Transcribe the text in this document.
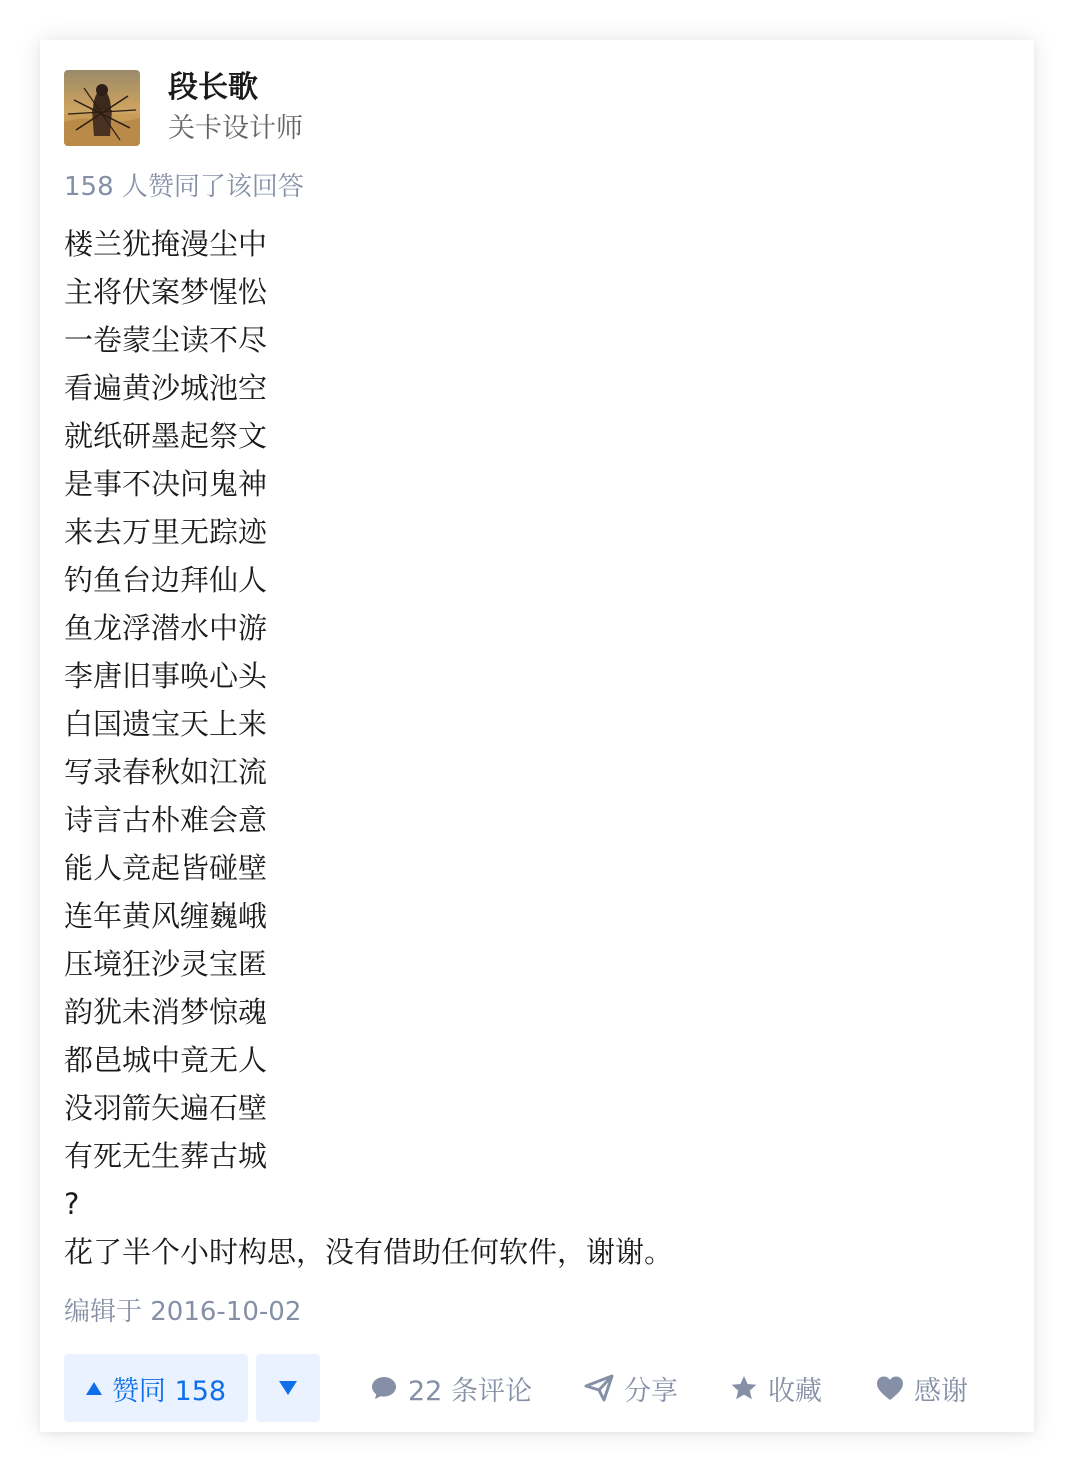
段长歌
关卡设计师
158 人赞同了该回答
楼兰犹掩漫尘中
主将伏案梦惺忪
一卷蒙尘读不尽
看遍黄沙城池空
就纸研墨起祭文
是事不决问鬼神
来去万里无踪迹
钓鱼台边拜仙人
鱼龙浮潜水中游
李唐旧事唤心头
白国遗宝天上来
写录春秋如江流
诗言古朴难会意
能人竞起皆碰壁
连年黄风缠巍峨
压境狂沙灵宝匿
韵犹未消梦惊魂
都邑城中竟无人
没羽箭矢遍石壁
有死无生葬古城
?
花了半个小时构思，没有借助任何软件，谢谢。
编辑于 2016-10-02
赞同 158	22 条评论	分享	收藏	感谢
